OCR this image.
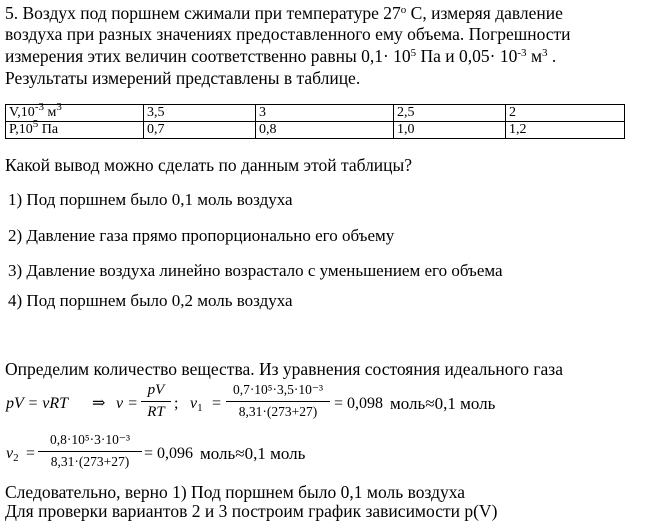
5. Воздух под поршнем сжимали при температуре $27^о$ С, измеряя давление
воздуха при разных значениях предоставленного ему объема. Погрешности
измерения этих величин соответственно равны $0,1\cdot 10^5$ Па и $0,05\cdot 10^{-3}$ $м^3$ .
Результаты измерений представлены в таблице.
$V,10^{-3}$ $м^3$	3,5	3	2,5	2
$P,10^5$ Па	0,7	0,8	1,0	1,2
Какой вывод можно сделать по данным этой таблицы?
1) Под поршнем было 0,1 моль воздуха
2) Давление газа прямо пропорционально его объему
3) Давление воздуха линейно возрастало с уменьшением его объема
4) Под поршнем было 0,2 моль воздуха
Определим количество вещества. Из уравнения состояния идеального газа
pV = νRT ⇒ ν =
pV
RT ; $\nu_1$ =
0,7·10⁵·3,5·10⁻³
8,31·(273+27)	= 0,098 моль≈0,1 моль
$\nu_2$ =
0,8·10⁵·3·10⁻³
8,31·(273+27) = 0,096 моль≈0,1 моль
Следовательно, верно 1) Под поршнем было 0,1 моль воздуха
Для проверки вариантов 2 и 3 построим график зависимости р(V)
